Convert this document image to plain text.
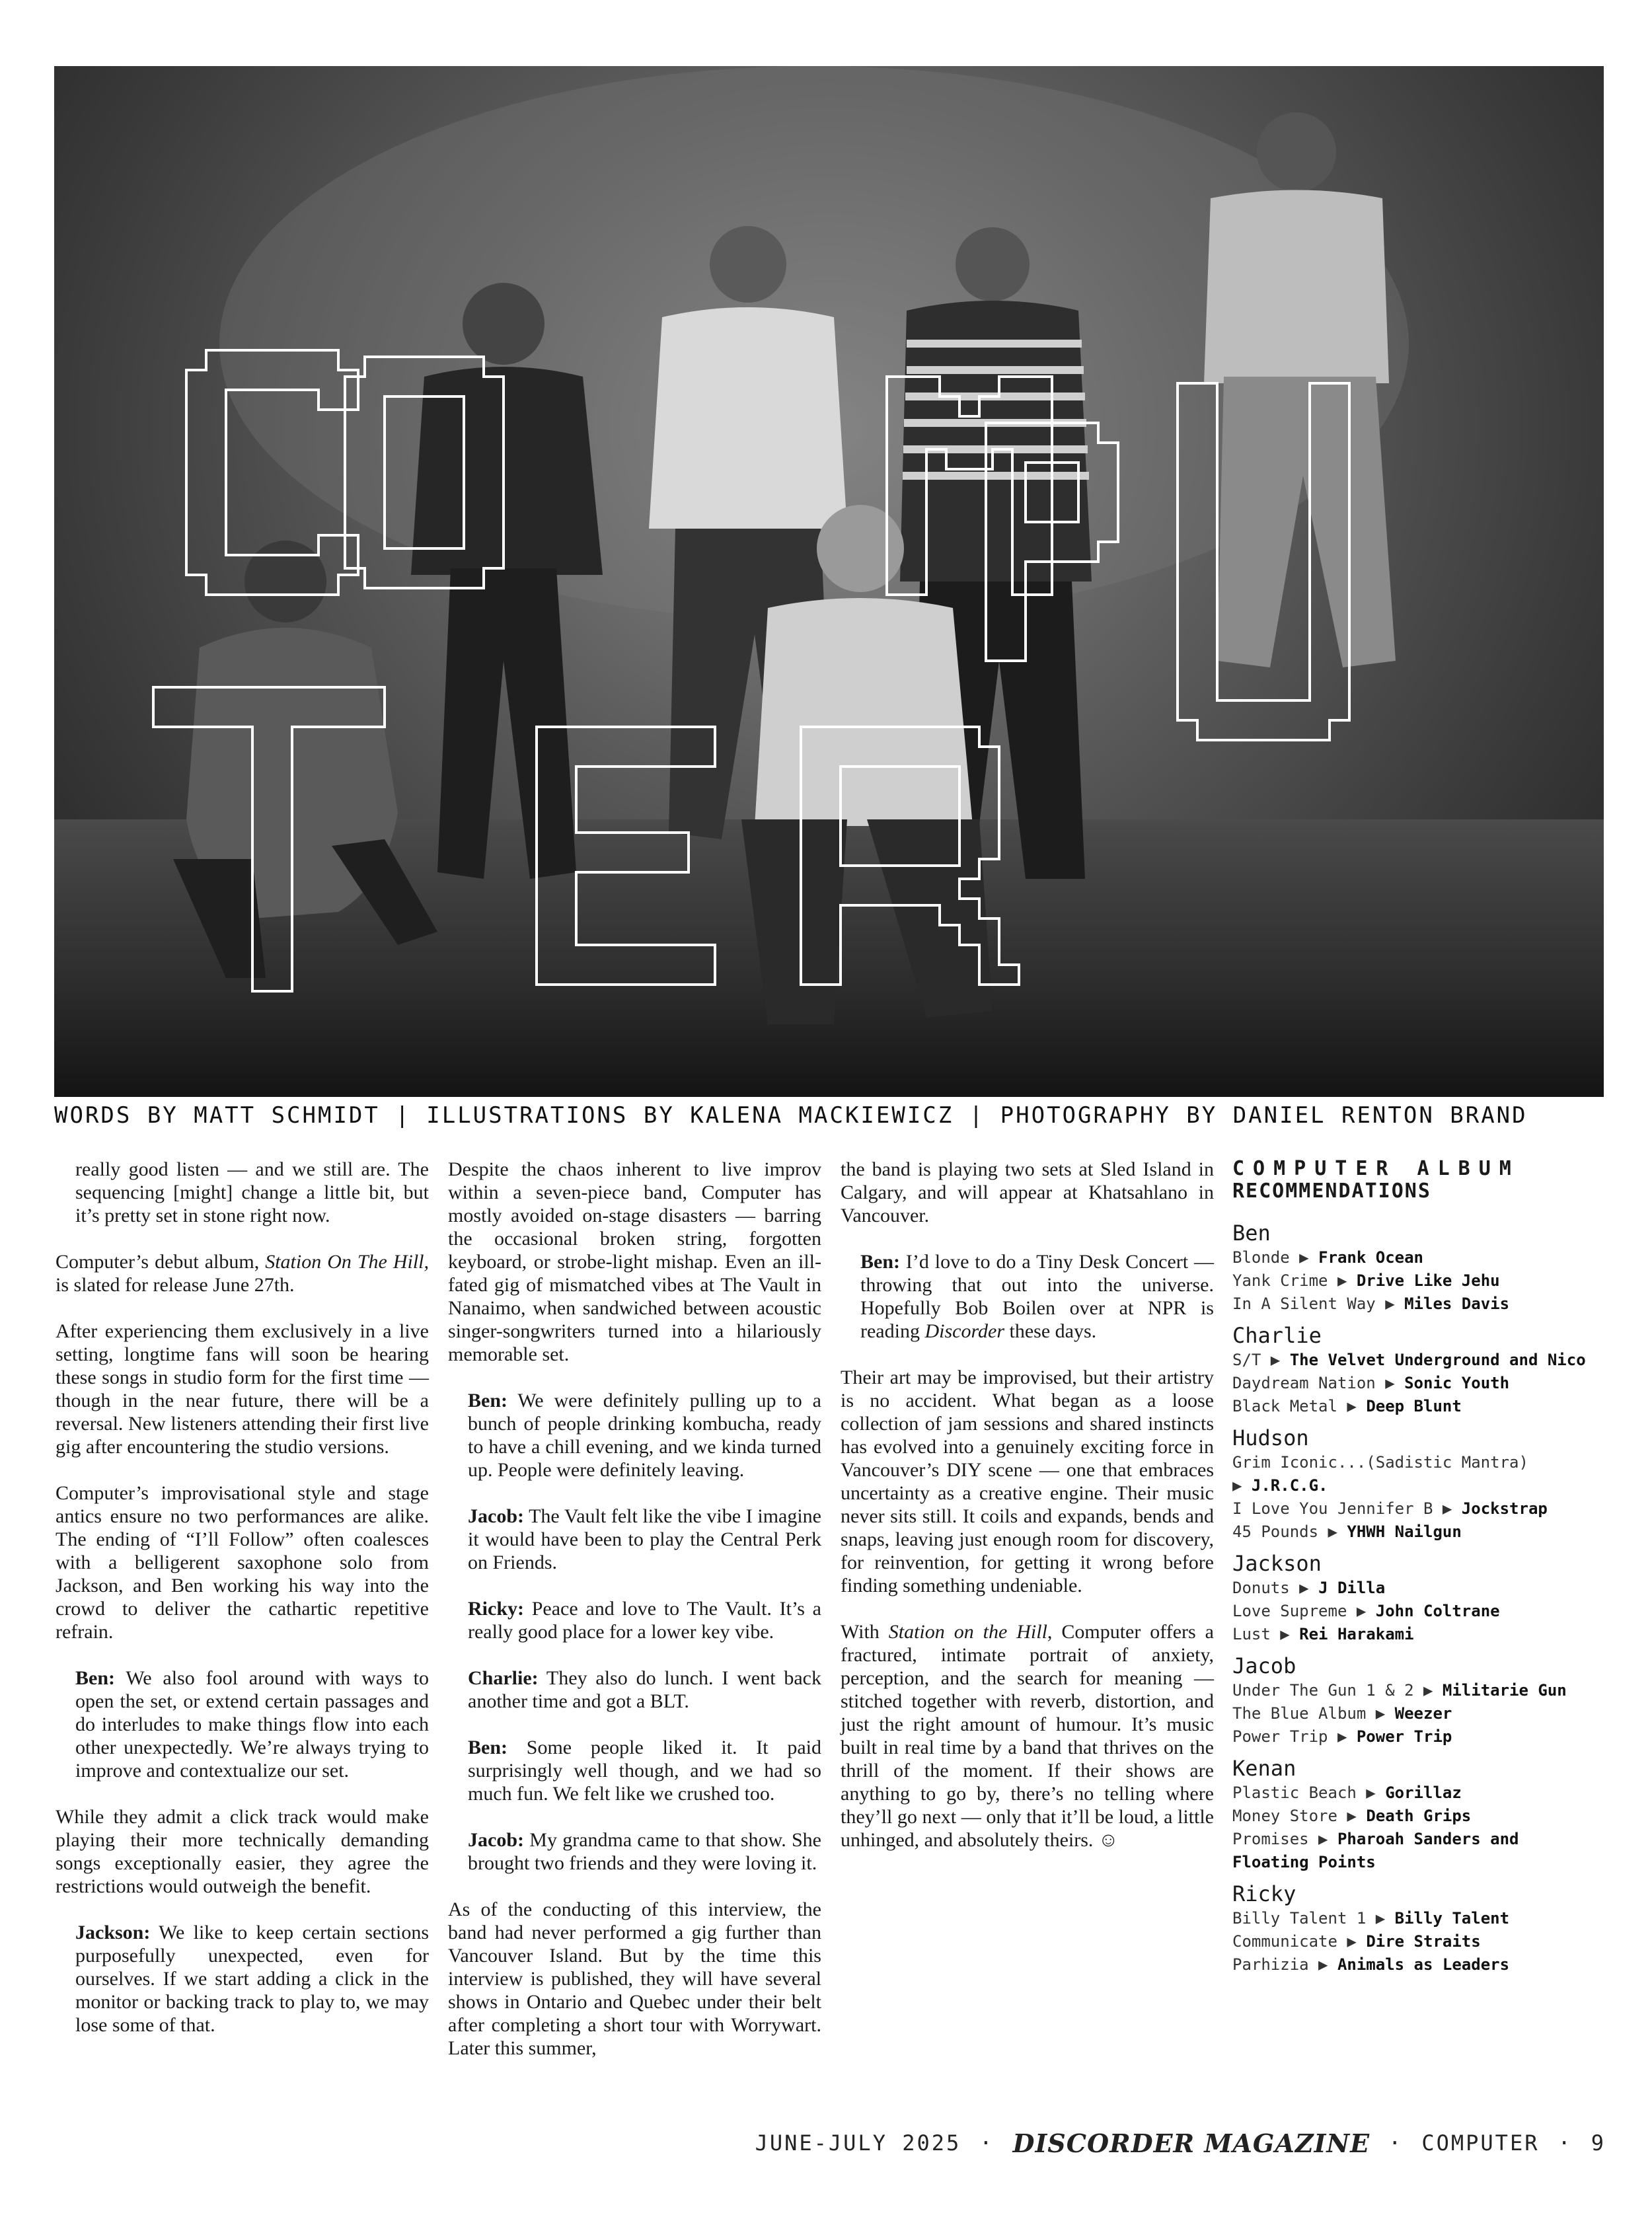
WORDS BY MATT SCHMIDT | ILLUSTRATIONS BY KALENA MACKIEWICZ | PHOTOGRAPHY BY DANIEL RENTON BRAND

really good listen — and we still are. The sequencing [might] change a little bit, but it’s pretty set in stone right now.

Computer’s debut album, Station On The Hill, is slated for release June 27th.

After experiencing them exclusively in a live setting, longtime fans will soon be hearing these songs in studio form for the first time — though in the near future, there will be a reversal. New listeners attending their first live gig after encountering the studio versions.

Computer’s improvisational style and stage antics ensure no two performances are alike. The ending of “I’ll Follow” often coalesces with a belligerent saxophone solo from Jackson, and Ben working his way into the crowd to deliver the cathartic repetitive refrain.

Ben: We also fool around with ways to open the set, or extend certain passages and do interludes to make things flow into each other unexpectedly. We’re always trying to improve and contextualize our set.

While they admit a click track would make playing their more technically demanding songs exceptionally easier, they agree the restrictions would outweigh the benefit.

Jackson: We like to keep certain sections purposefully unexpected, even for ourselves. If we start adding a click in the monitor or backing track to play to, we may lose some of that.

Despite the chaos inherent to live improv within a seven-piece band, Computer has mostly avoided on-stage disasters — barring the occasional broken string, forgotten keyboard, or strobe-light mishap. Even an ill-fated gig of mismatched vibes at The Vault in Nanaimo, when sandwiched between acoustic singer-songwriters turned into a hilariously memorable set.

Ben: We were definitely pulling up to a bunch of people drinking kombucha, ready to have a chill evening, and we kinda turned up. People were definitely leaving.

Jacob: The Vault felt like the vibe I imagine it would have been to play the Central Perk on Friends.

Ricky: Peace and love to The Vault. It’s a really good place for a lower key vibe.

Charlie: They also do lunch. I went back another time and got a BLT.

Ben: Some people liked it. It paid surprisingly well though, and we had so much fun. We felt like we crushed too.

Jacob: My grandma came to that show. She brought two friends and they were loving it.

As of the conducting of this interview, the band had never performed a gig further than Vancouver Island. But by the time this interview is published, they will have several shows in Ontario and Quebec under their belt after completing a short tour with Worrywart. Later this summer,

the band is playing two sets at Sled Island in Calgary, and will appear at Khatsahlano in Vancouver.

Ben: I’d love to do a Tiny Desk Concert — throwing that out into the universe. Hopefully Bob Boilen over at NPR is reading Discorder these days.

Their art may be improvised, but their artistry is no accident. What began as a loose collection of jam sessions and shared instincts has evolved into a genuinely exciting force in Vancouver’s DIY scene — one that embraces uncertainty as a creative engine. Their music never sits still. It coils and expands, bends and snaps, leaving just enough room for discovery, for reinvention, for getting it wrong before finding something undeniable.

With Station on the Hill, Computer offers a fractured, intimate portrait of anxiety, perception, and the search for meaning — stitched together with reverb, distortion, and just the right amount of humour. It’s music built in real time by a band that thrives on the thrill of the moment. If their shows are anything to go by, there’s no telling where they’ll go next — only that it’ll be loud, a little unhinged, and absolutely theirs. ☺

COMPUTER ALBUM
RECOMMENDATIONS
Ben
Blonde ▶ Frank Ocean
Yank Crime ▶ Drive Like Jehu
In A Silent Way ▶ Miles Davis
Charlie
S/T ▶ The Velvet Underground and Nico
Daydream Nation ▶ Sonic Youth
Black Metal ▶ Deep Blunt
Hudson
Grim Iconic...(Sadistic Mantra)
▶ J.R.C.G.
I Love You Jennifer B ▶ Jockstrap
45 Pounds ▶ YHWH Nailgun
Jackson
Donuts ▶ J Dilla
Love Supreme ▶ John Coltrane
Lust ▶ Rei Harakami
Jacob
Under The Gun 1 & 2 ▶ Militarie Gun
The Blue Album ▶ Weezer
Power Trip ▶ Power Trip
Kenan
Plastic Beach ▶ Gorillaz
Money Store ▶ Death Grips
Promises ▶ Pharoah Sanders and
Floating Points
Ricky
Billy Talent 1 ▶ Billy Talent
Communicate ▶ Dire Straits
Parhizia ▶ Animals as Leaders
JUNE-JULY 2025 · DISCORDER MAGAZINE · COMPUTER · 9
